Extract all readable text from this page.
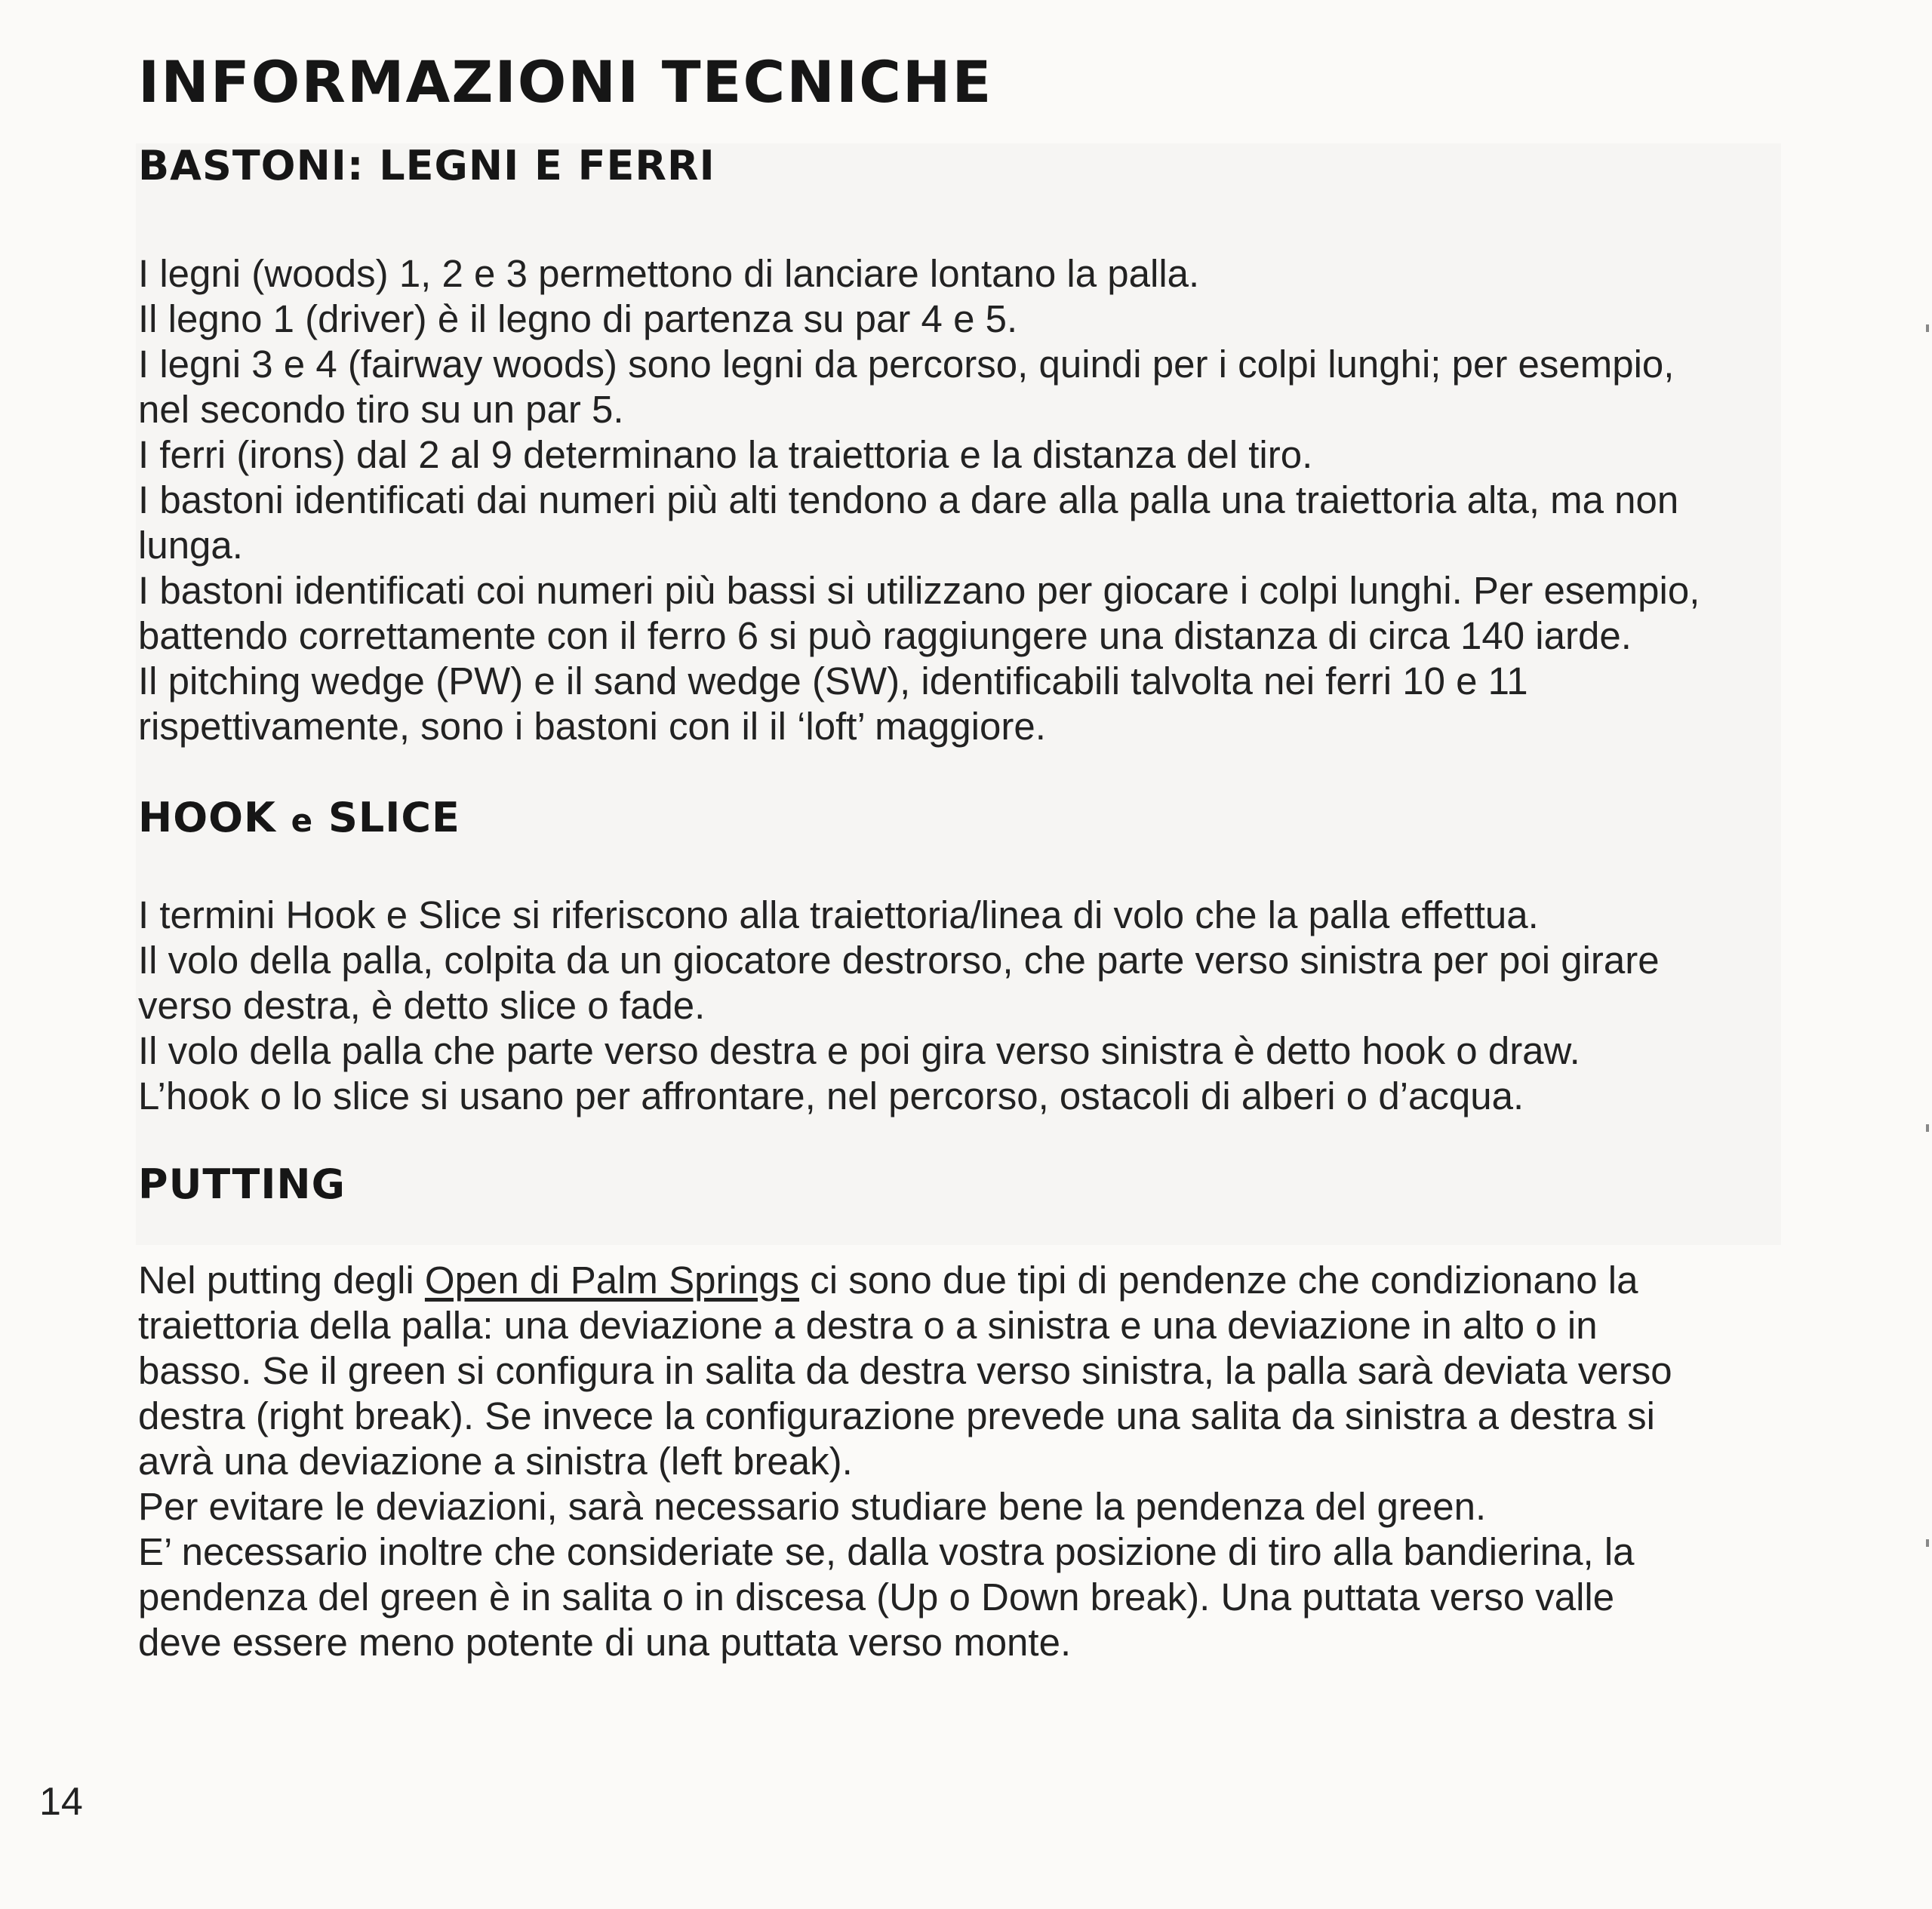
INFORMAZIONI TECNICHE
BASTONI: LEGNI E FERRI

I legni (woods) 1, 2 e 3 permettono di lanciare lontano la palla.

Il legno 1 (driver) è il legno di partenza su par 4 e 5.

I legni 3 e 4 (fairway woods) sono legni da percorso, quindi per i colpi lunghi; per esempio,

nel secondo tiro su un par 5.

I ferri (irons) dal 2 al 9 determinano la traiettoria e la distanza del tiro.

I bastoni identificati dai numeri più alti tendono a dare alla palla una traiettoria alta, ma non

lunga.

I bastoni identificati coi numeri più bassi si utilizzano per giocare i colpi lunghi. Per esempio,

battendo correttamente con il ferro 6 si può raggiungere una distanza di circa 140 iarde.

Il pitching wedge (PW) e il sand wedge (SW), identificabili talvolta nei ferri 10 e 11

rispettivamente, sono i bastoni con il il ‘loft’ maggiore.

HOOK e SLICE

I termini Hook e Slice si riferiscono alla traiettoria/linea di volo che la palla effettua.

Il volo della palla, colpita da un giocatore destrorso, che parte verso sinistra per poi girare

verso destra, è detto slice o fade.

Il volo della palla che parte verso destra e poi gira verso sinistra è detto hook o draw.

L’hook o lo slice si usano per affrontare, nel percorso, ostacoli di alberi o d’acqua.

PUTTING

Nel putting degli Open di Palm Springs ci sono due tipi di pendenze che condizionano la

traiettoria della palla: una deviazione a destra o a sinistra e una deviazione in alto o in

basso. Se il green si configura in salita da destra verso sinistra, la palla sarà deviata verso

destra (right break). Se invece la configurazione prevede una salita da sinistra a destra si

avrà una deviazione a sinistra (left break).

Per evitare le deviazioni, sarà necessario studiare bene la pendenza del green.

E’ necessario inoltre che consideriate se, dalla vostra posizione di tiro alla bandierina, la

pendenza del green è in salita o in discesa (Up o Down break). Una puttata verso valle

deve essere meno potente di una puttata verso monte.

14
